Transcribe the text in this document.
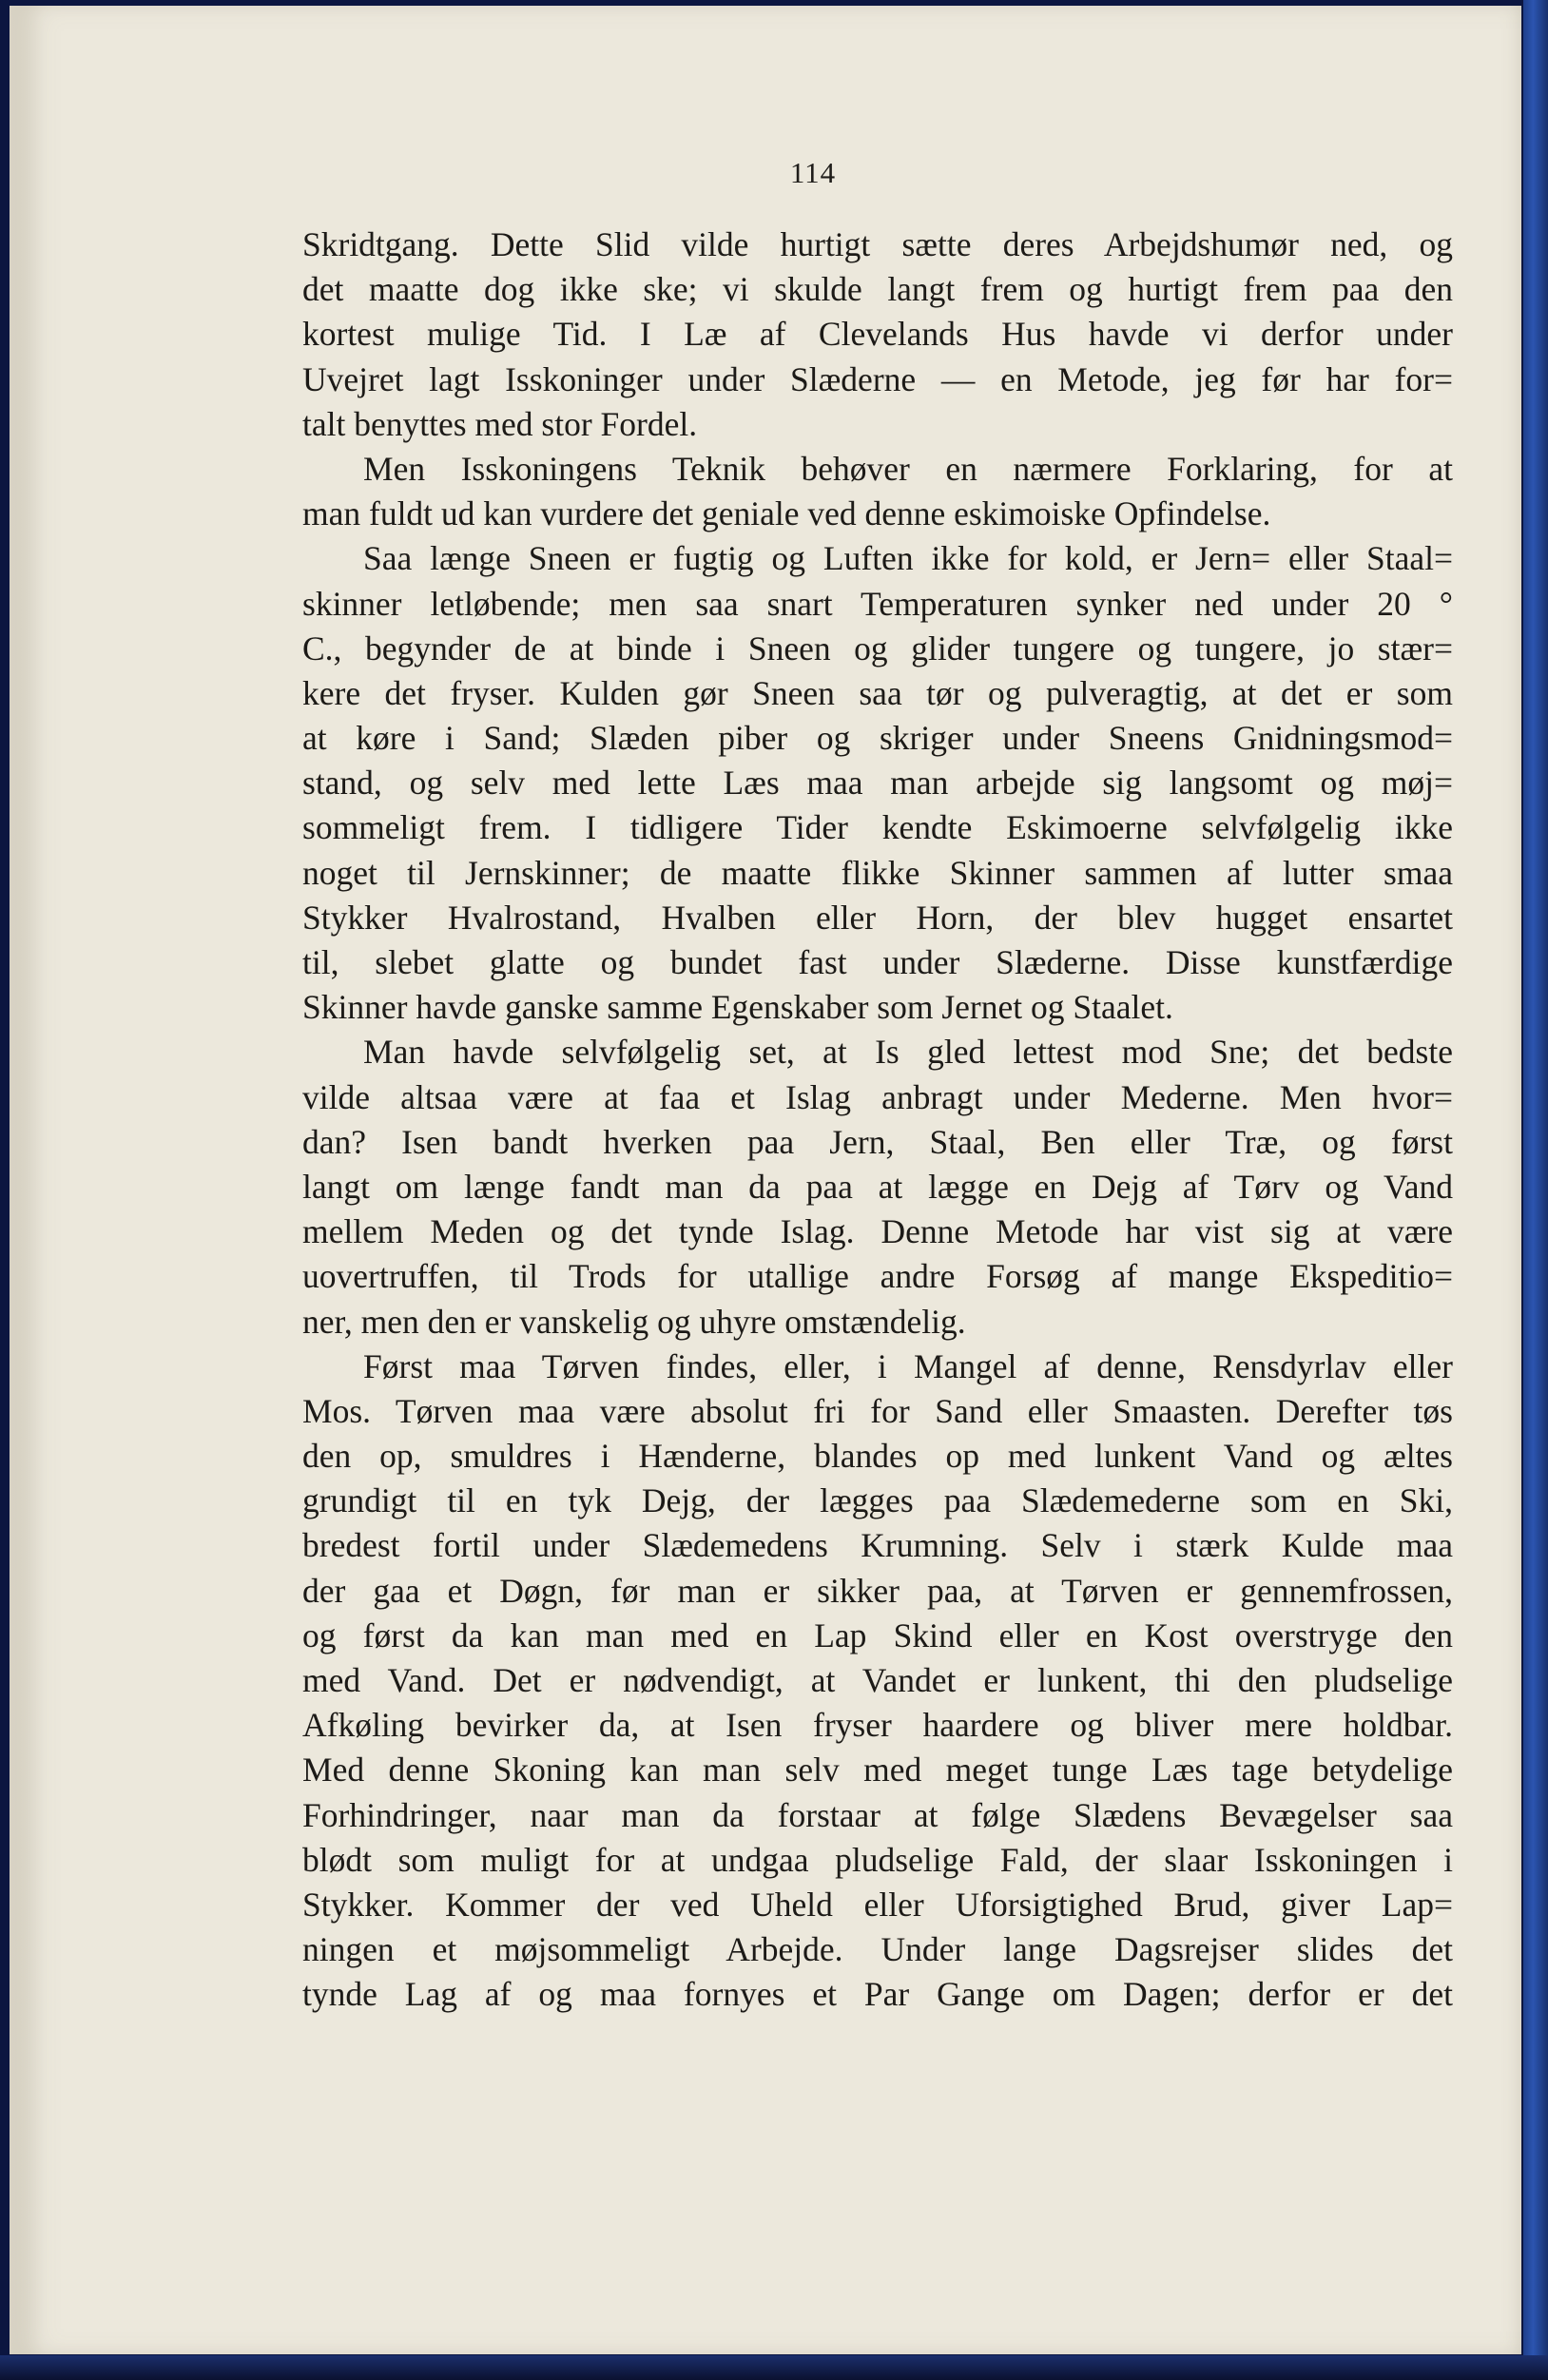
114
Skridtgang. Dette Slid vilde hurtigt sætte deres Arbejdshumør ned, og
det maatte dog ikke ske; vi skulde langt frem og hurtigt frem paa den
kortest mulige Tid. I Læ af Clevelands Hus havde vi derfor under
Uvejret lagt Isskoninger under Slæderne — en Metode, jeg før har for=
talt benyttes med stor Fordel.
Men Isskoningens Teknik behøver en nærmere Forklaring, for at
man fuldt ud kan vurdere det geniale ved denne eskimoiske Opfindelse.
Saa længe Sneen er fugtig og Luften ikke for kold, er Jern= eller Staal=
skinner letløbende; men saa snart Temperaturen synker ned under 20 °
C., begynder de at binde i Sneen og glider tungere og tungere, jo stær=
kere det fryser. Kulden gør Sneen saa tør og pulveragtig, at det er som
at køre i Sand; Slæden piber og skriger under Sneens Gnidningsmod=
stand, og selv med lette Læs maa man arbejde sig langsomt og møj=
sommeligt frem. I tidligere Tider kendte Eskimoerne selvfølgelig ikke
noget til Jernskinner; de maatte flikke Skinner sammen af lutter smaa
Stykker Hvalrostand, Hvalben eller Horn, der blev hugget ensartet
til, slebet glatte og bundet fast under Slæderne. Disse kunstfærdige
Skinner havde ganske samme Egenskaber som Jernet og Staalet.
Man havde selvfølgelig set, at Is gled lettest mod Sne; det bedste
vilde altsaa være at faa et Islag anbragt under Mederne. Men hvor=
dan? Isen bandt hverken paa Jern, Staal, Ben eller Træ, og først
langt om længe fandt man da paa at lægge en Dejg af Tørv og Vand
mellem Meden og det tynde Islag. Denne Metode har vist sig at være
uovertruffen, til Trods for utallige andre Forsøg af mange Ekspeditio=
ner, men den er vanskelig og uhyre omstændelig.
Først maa Tørven findes, eller, i Mangel af denne, Rensdyrlav eller
Mos. Tørven maa være absolut fri for Sand eller Smaasten. Derefter tøs
den op, smuldres i Hænderne, blandes op med lunkent Vand og æltes
grundigt til en tyk Dejg, der lægges paa Slædemederne som en Ski,
bredest fortil under Slædemedens Krumning. Selv i stærk Kulde maa
der gaa et Døgn, før man er sikker paa, at Tørven er gennemfrossen,
og først da kan man med en Lap Skind eller en Kost overstryge den
med Vand. Det er nødvendigt, at Vandet er lunkent, thi den pludselige
Afkøling bevirker da, at Isen fryser haardere og bliver mere holdbar.
Med denne Skoning kan man selv med meget tunge Læs tage betydelige
Forhindringer, naar man da forstaar at følge Slædens Bevægelser saa
blødt som muligt for at undgaa pludselige Fald, der slaar Isskoningen i
Stykker. Kommer der ved Uheld eller Uforsigtighed Brud, giver Lap=
ningen et møjsommeligt Arbejde. Under lange Dagsrejser slides det
tynde Lag af og maa fornyes et Par Gange om Dagen; derfor er det
